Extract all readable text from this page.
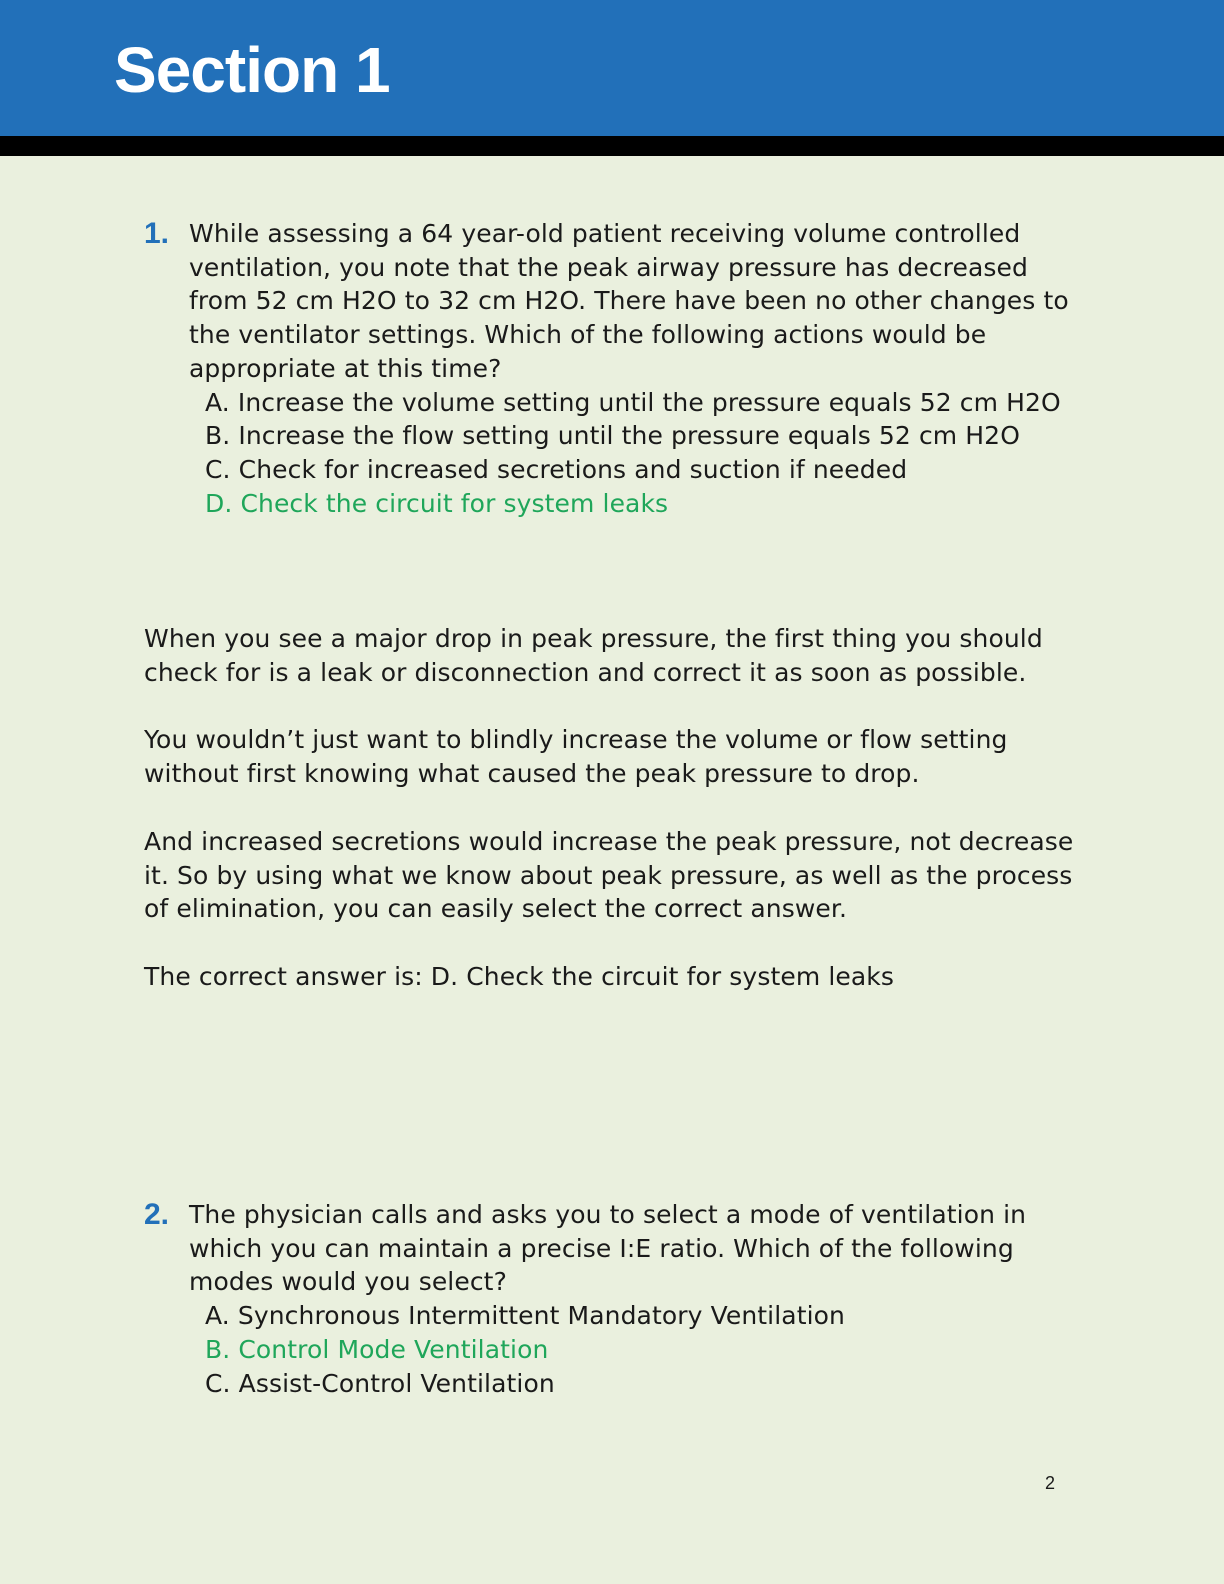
Section 1
1. While assessing a 64 year-old patient receiving volume controlled ventilation, you note that the peak airway pressure has decreased from 52 cm H2O to 32 cm H2O. There have been no other changes to the ventilator settings. Which of the following actions would be appropriate at this time?
A. Increase the volume setting until the pressure equals 52 cm H2O
B. Increase the flow setting until the pressure equals 52 cm H2O
C. Check for increased secretions and suction if needed
D. Check the circuit for system leaks

When you see a major drop in peak pressure, the first thing you should check for is a leak or disconnection and correct it as soon as possible.

You wouldn’t just want to blindly increase the volume or flow setting without first knowing what caused the peak pressure to drop.

And increased secretions would increase the peak pressure, not decrease it. So by using what we know about peak pressure, as well as the process of elimination, you can easily select the correct answer.

The correct answer is: D. Check the circuit for system leaks

2. The physician calls and asks you to select a mode of ventilation in which you can maintain a precise I:E ratio. Which of the following modes would you select?
A. Synchronous Intermittent Mandatory Ventilation
B. Control Mode Ventilation
C. Assist-Control Ventilation
2
